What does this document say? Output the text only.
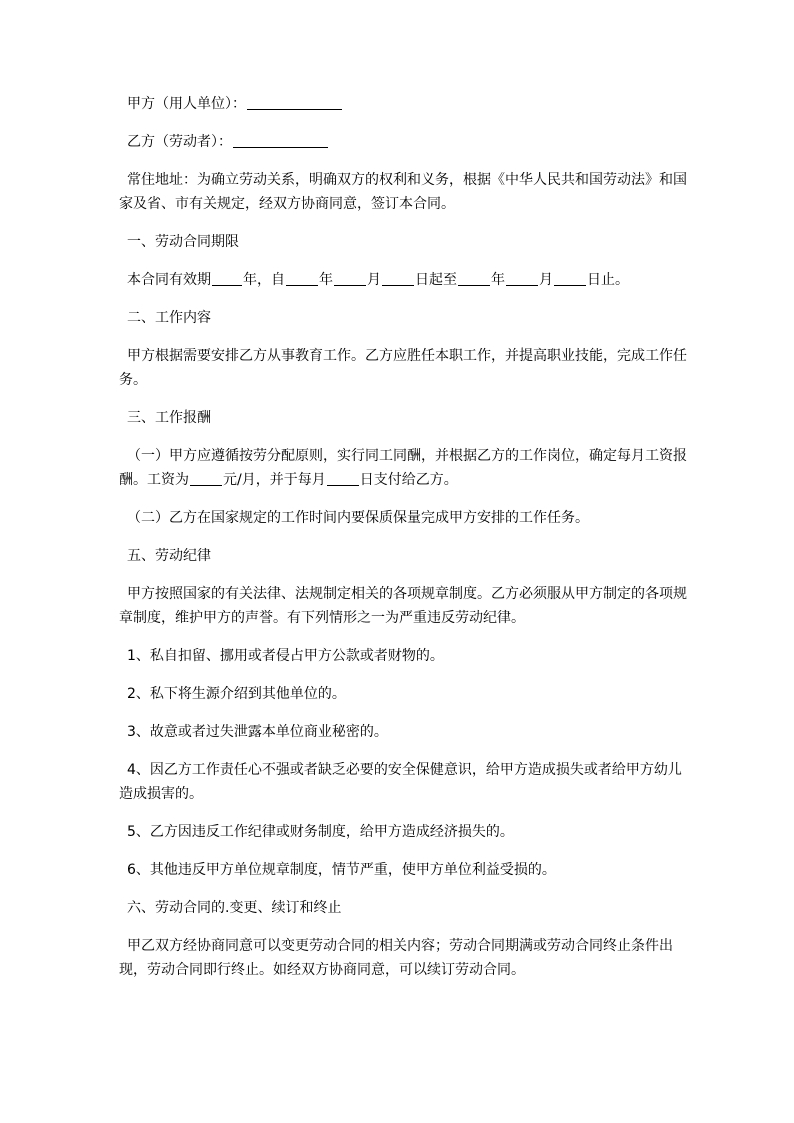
甲方（用人单位）：

乙方（劳动者）：

常住地址：为确立劳动关系，明确双方的权利和义务，根据《中华人民共和国劳动法》和国家及省、市有关规定，经双方协商同意，签订本合同。

一、劳动合同期限

本合同有效期 年，自 年 月 日起至 年 月 日止。

二、工作内容

甲方根据需要安排乙方从事教育工作。乙方应胜任本职工作，并提高职业技能，完成工作任务。

三、工作报酬

（一）甲方应遵循按劳分配原则，实行同工同酬，并根据乙方的工作岗位，确定每月工资报酬。工资为 元/月，并于每月 日支付给乙方。

（二）乙方在国家规定的工作时间内要保质保量完成甲方安排的工作任务。

五、劳动纪律

甲方按照国家的有关法律、法规制定相关的各项规章制度。乙方必须服从甲方制定的各项规章制度，维护甲方的声誉。有下列情形之一为严重违反劳动纪律。

1、私自扣留、挪用或者侵占甲方公款或者财物的。

2、私下将生源介绍到其他单位的。

3、故意或者过失泄露本单位商业秘密的。

4、因乙方工作责任心不强或者缺乏必要的安全保健意识，给甲方造成损失或者给甲方幼儿造成损害的。

5、乙方因违反工作纪律或财务制度，给甲方造成经济损失的。

6、其他违反甲方单位规章制度，情节严重，使甲方单位利益受损的。

六、劳动合同的.变更、续订和终止

甲乙双方经协商同意可以变更劳动合同的相关内容；劳动合同期满或劳动合同终止条件出现，劳动合同即行终止。如经双方协商同意，可以续订劳动合同。
